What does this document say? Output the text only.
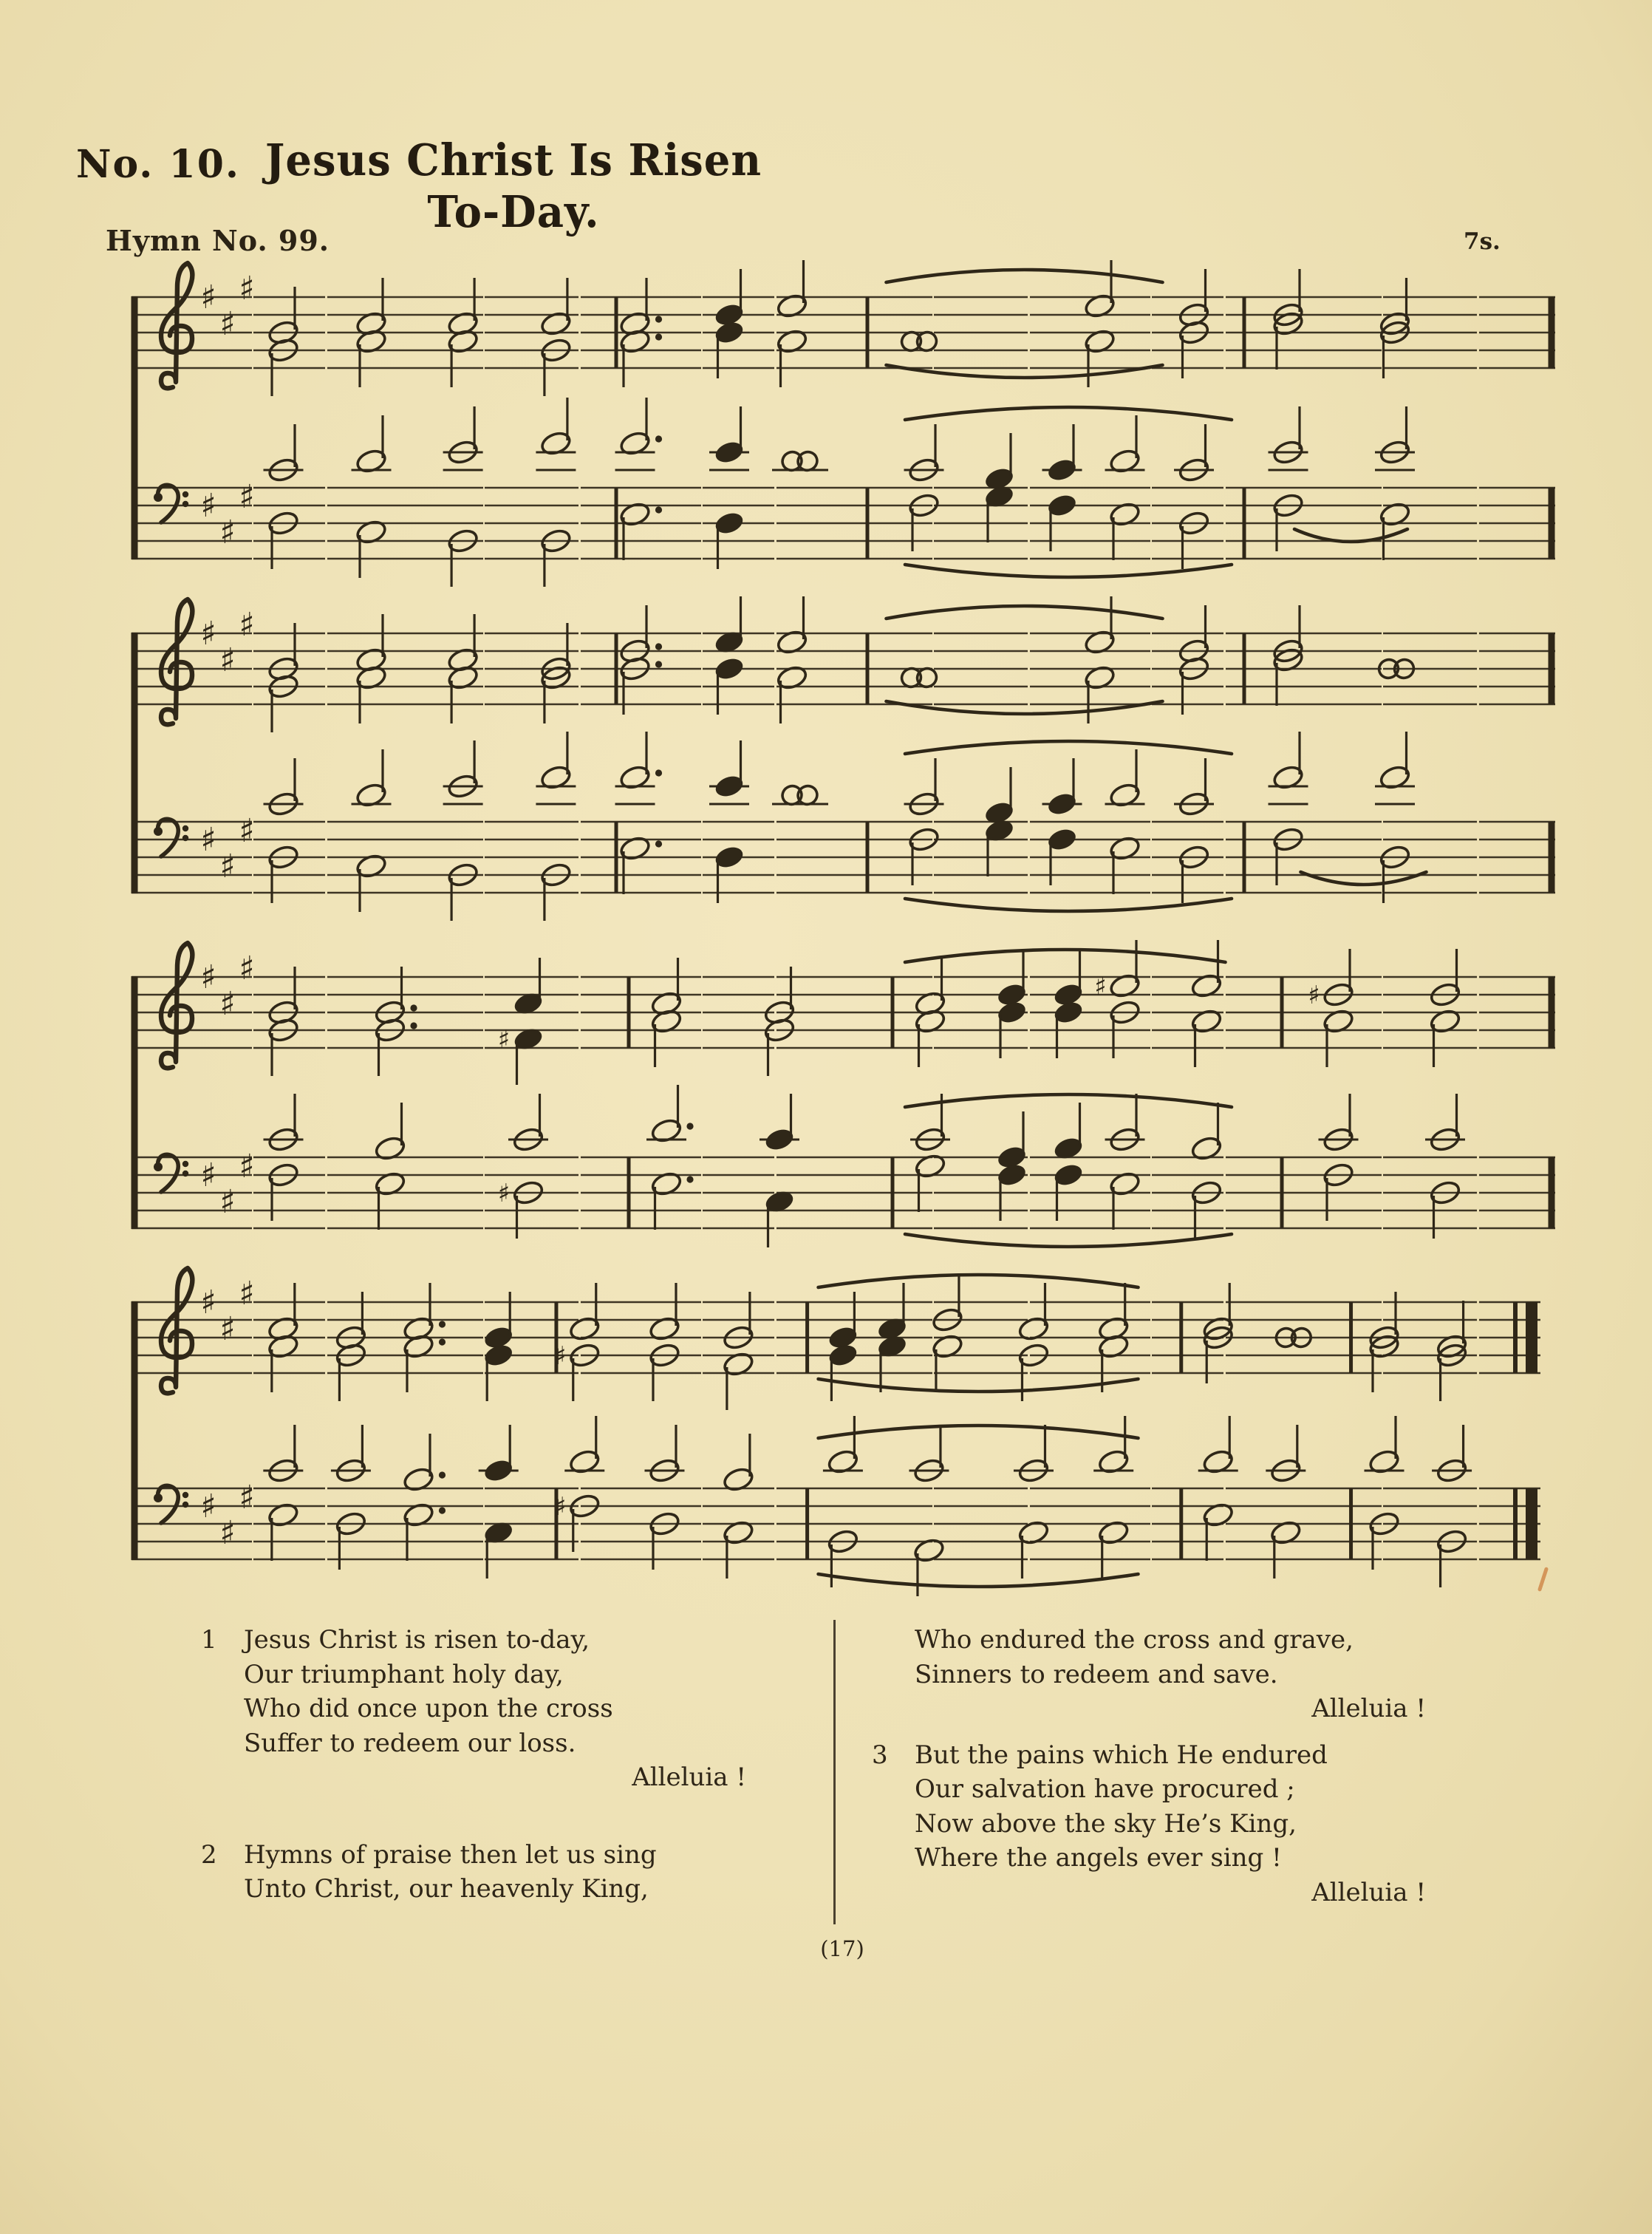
No. 10. Jesus Christ Is Risen To-Day.
Hymn No. 99.	7s.
♯
♯
♯
♯
♯
♯
♯
♯
♯
♯
♯
♯
♯
♯
♯
♯
♯
♯
♯
♯	♯
♯
♯
♯
♯
♯
♯
♯
♯
♯
1 Jesus Christ is risen to-day,
Our triumphant holy day,
Who did once upon the cross
Suffer to redeem our loss.
Alleluia !
2 Hymns of praise then let us sing
Unto Christ, our heavenly King,
Who endured the cross and grave,
Sinners to redeem and save.
Alleluia !
3 But the pains which He endured
Our salvation have procured ;
Now above the sky He’s King,
Where the angels ever sing !
Alleluia !
(17)
